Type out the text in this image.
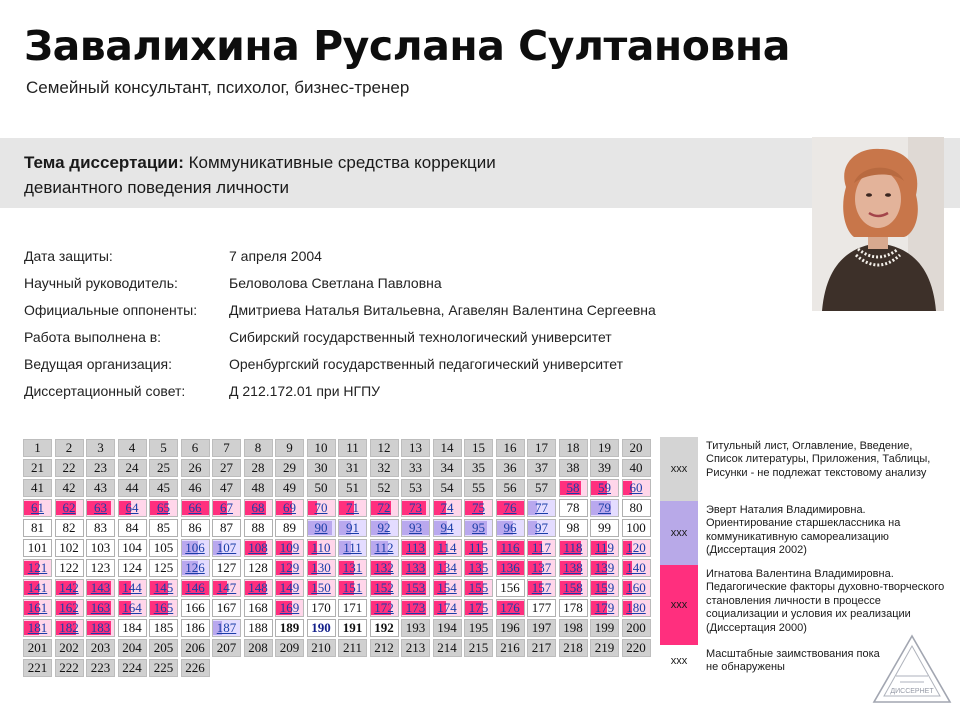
Завалихина Руслана Султановна

Семейный консультант, психолог, бизнес-тренер

Тема диссертации: Коммуникативные средства коррекции девиантного поведения личности
Дата защиты:	7 апреля 2004
Научный руководитель:	Беловолова Светлана Павловна
Официальные оппоненты: Дмитриева Наталья Витальевна, Агавелян Валентина Сергеевна
Работа выполнена в:	Сибирский государственный технологический университет
Ведущая организация:	Оренбургский государственный педагогический университет
Диссертационный совет:	Д 212.172.01 при НГПУ
1	2	3	4	5	6	7	8	9	10	11	12	13	14	15	16	17	18	19	20
21	22	23	24	25	26	27	28	29	30	31	32	33	34	35	36	37	38	39	40
41	42	43	44	45	46	47	48	49	50	51	52	53	54	55	56	57	58	59	60
61	62	63	64	65	66	67	68	69	70	71	72	73	74	75	76	77	78	79	80
81	82	83	84	85	86	87	88	89	90	91	92	93	94	95	96	97	98	99	100
101 102 103 104 105 106 107 108 109 110 111 112 113 114 115 116 117 118 119 120
121 122 123 124 125 126 127 128 129 130 131 132 133 134 135 136 137 138 139 140
141 142 143 144 145 146 147 148 149 150 151 152 153 154 155 156 157 158 159 160
161 162 163 164 165 166 167 168 169 170 171 172 173 174 175 176 177 178 179 180
181 182 183 184 185 186 187 188 189 190 191 192 193 194 195 196 197 198 199 200
201 202 203 204 205 206 207 208 209 210 211 212 213 214 215 216 217 218 219 220
221 222 223 224 225 226
xxx
Титульный лист, Оглавление, Введение, Список литературы, Приложения, Таблицы, Рисунки - не подлежат текстовому анализу
xxx
Эверт Наталия Владимировна. Ориентирование старшеклассника на коммуникативную самореализацию (Диссертация 2002)
xxx
Игнатова Валентина Владимировна. Педагогические факторы духовно-творческого становления личности в процессе социализации и условия их реализации (Диссертация 2000)
xxx
Масштабные заимствования пока не обнаружены
ДИССЕРНЕТ
